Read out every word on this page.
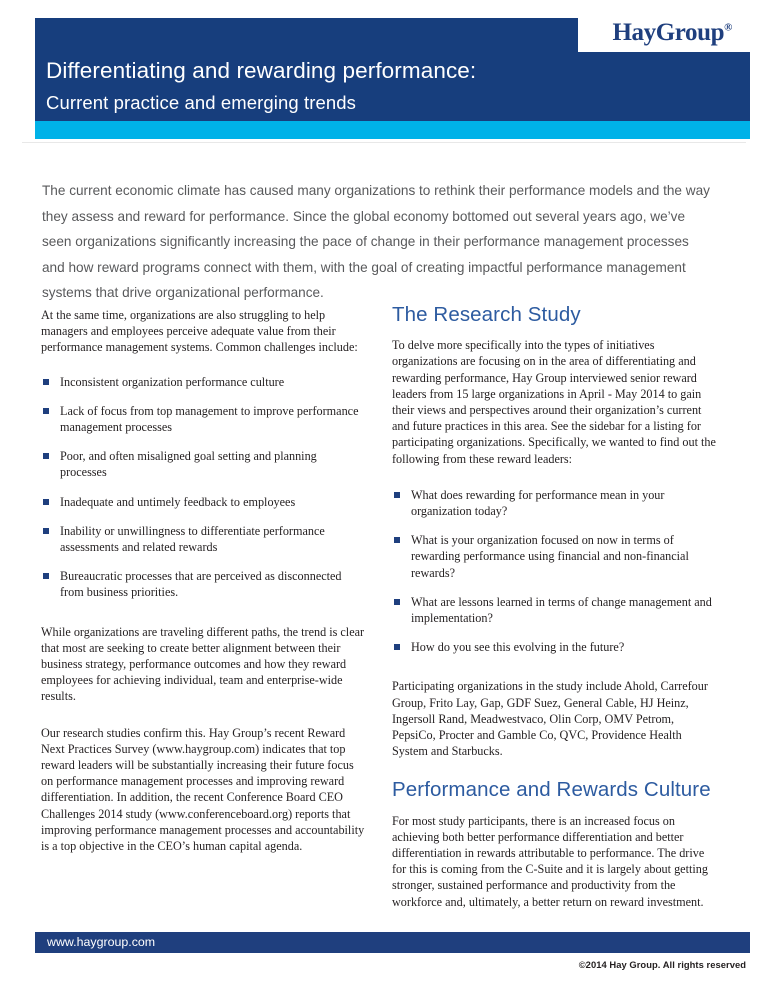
HayGroup®
Differentiating and rewarding performance:
Current practice and emerging trends
The current economic climate has caused many organizations to rethink their performance models and the way they assess and reward for performance. Since the global economy bottomed out several years ago, we’ve seen organizations significantly increasing the pace of change in their performance management processes and how reward programs connect with them, with the goal of creating impactful performance management systems that drive organizational performance.

At the same time, organizations are also struggling to help managers and employees perceive adequate value from their performance management systems. Common challenges include:

Inconsistent organization performance culture
Lack of focus from top management to improve performance management processes
Poor, and often misaligned goal setting and planning processes
Inadequate and untimely feedback to employees
Inability or unwillingness to differentiate performance assessments and related rewards
Bureaucratic processes that are perceived as disconnected from business priorities.

While organizations are traveling different paths, the trend is clear that most are seeking to create better alignment between their business strategy, performance outcomes and how they reward employees for achieving individual, team and enterprise-wide results.

Our research studies confirm this. Hay Group’s recent Reward Next Practices Survey (www.haygroup.com) indicates that top reward leaders will be substantially increasing their future focus on performance management processes and improving reward differentiation. In addition, the recent Conference Board CEO Challenges 2014 study (www.conferenceboard.org) reports that improving performance management processes and accountability is a top objective in the CEO’s human capital agenda.

The Research Study

To delve more specifically into the types of initiatives organizations are focusing on in the area of differentiating and rewarding performance, Hay Group interviewed senior reward leaders from 15 large organizations in April - May 2014 to gain their views and perspectives around their organization’s current and future practices in this area. See the sidebar for a listing for participating organizations. Specifically, we wanted to find out the following from these reward leaders:

What does rewarding for performance mean in your organization today?
What is your organization focused on now in terms of rewarding performance using financial and non-financial rewards?
What are lessons learned in terms of change management and implementation?
How do you see this evolving in the future?

Participating organizations in the study include Ahold, Carrefour Group, Frito Lay, Gap, GDF Suez, General Cable, HJ Heinz, Ingersoll Rand, Meadwestvaco, Olin Corp, OMV Petrom, PepsiCo, Procter and Gamble Co, QVC, Providence Health System and Starbucks.

Performance and Rewards Culture

For most study participants, there is an increased focus on achieving both better performance differentiation and better differentiation in rewards attributable to performance. The drive for this is coming from the C-Suite and it is largely about getting stronger, sustained performance and productivity from the workforce and, ultimately, a better return on reward investment.

www.haygroup.com
©2014 Hay Group. All rights reserved
